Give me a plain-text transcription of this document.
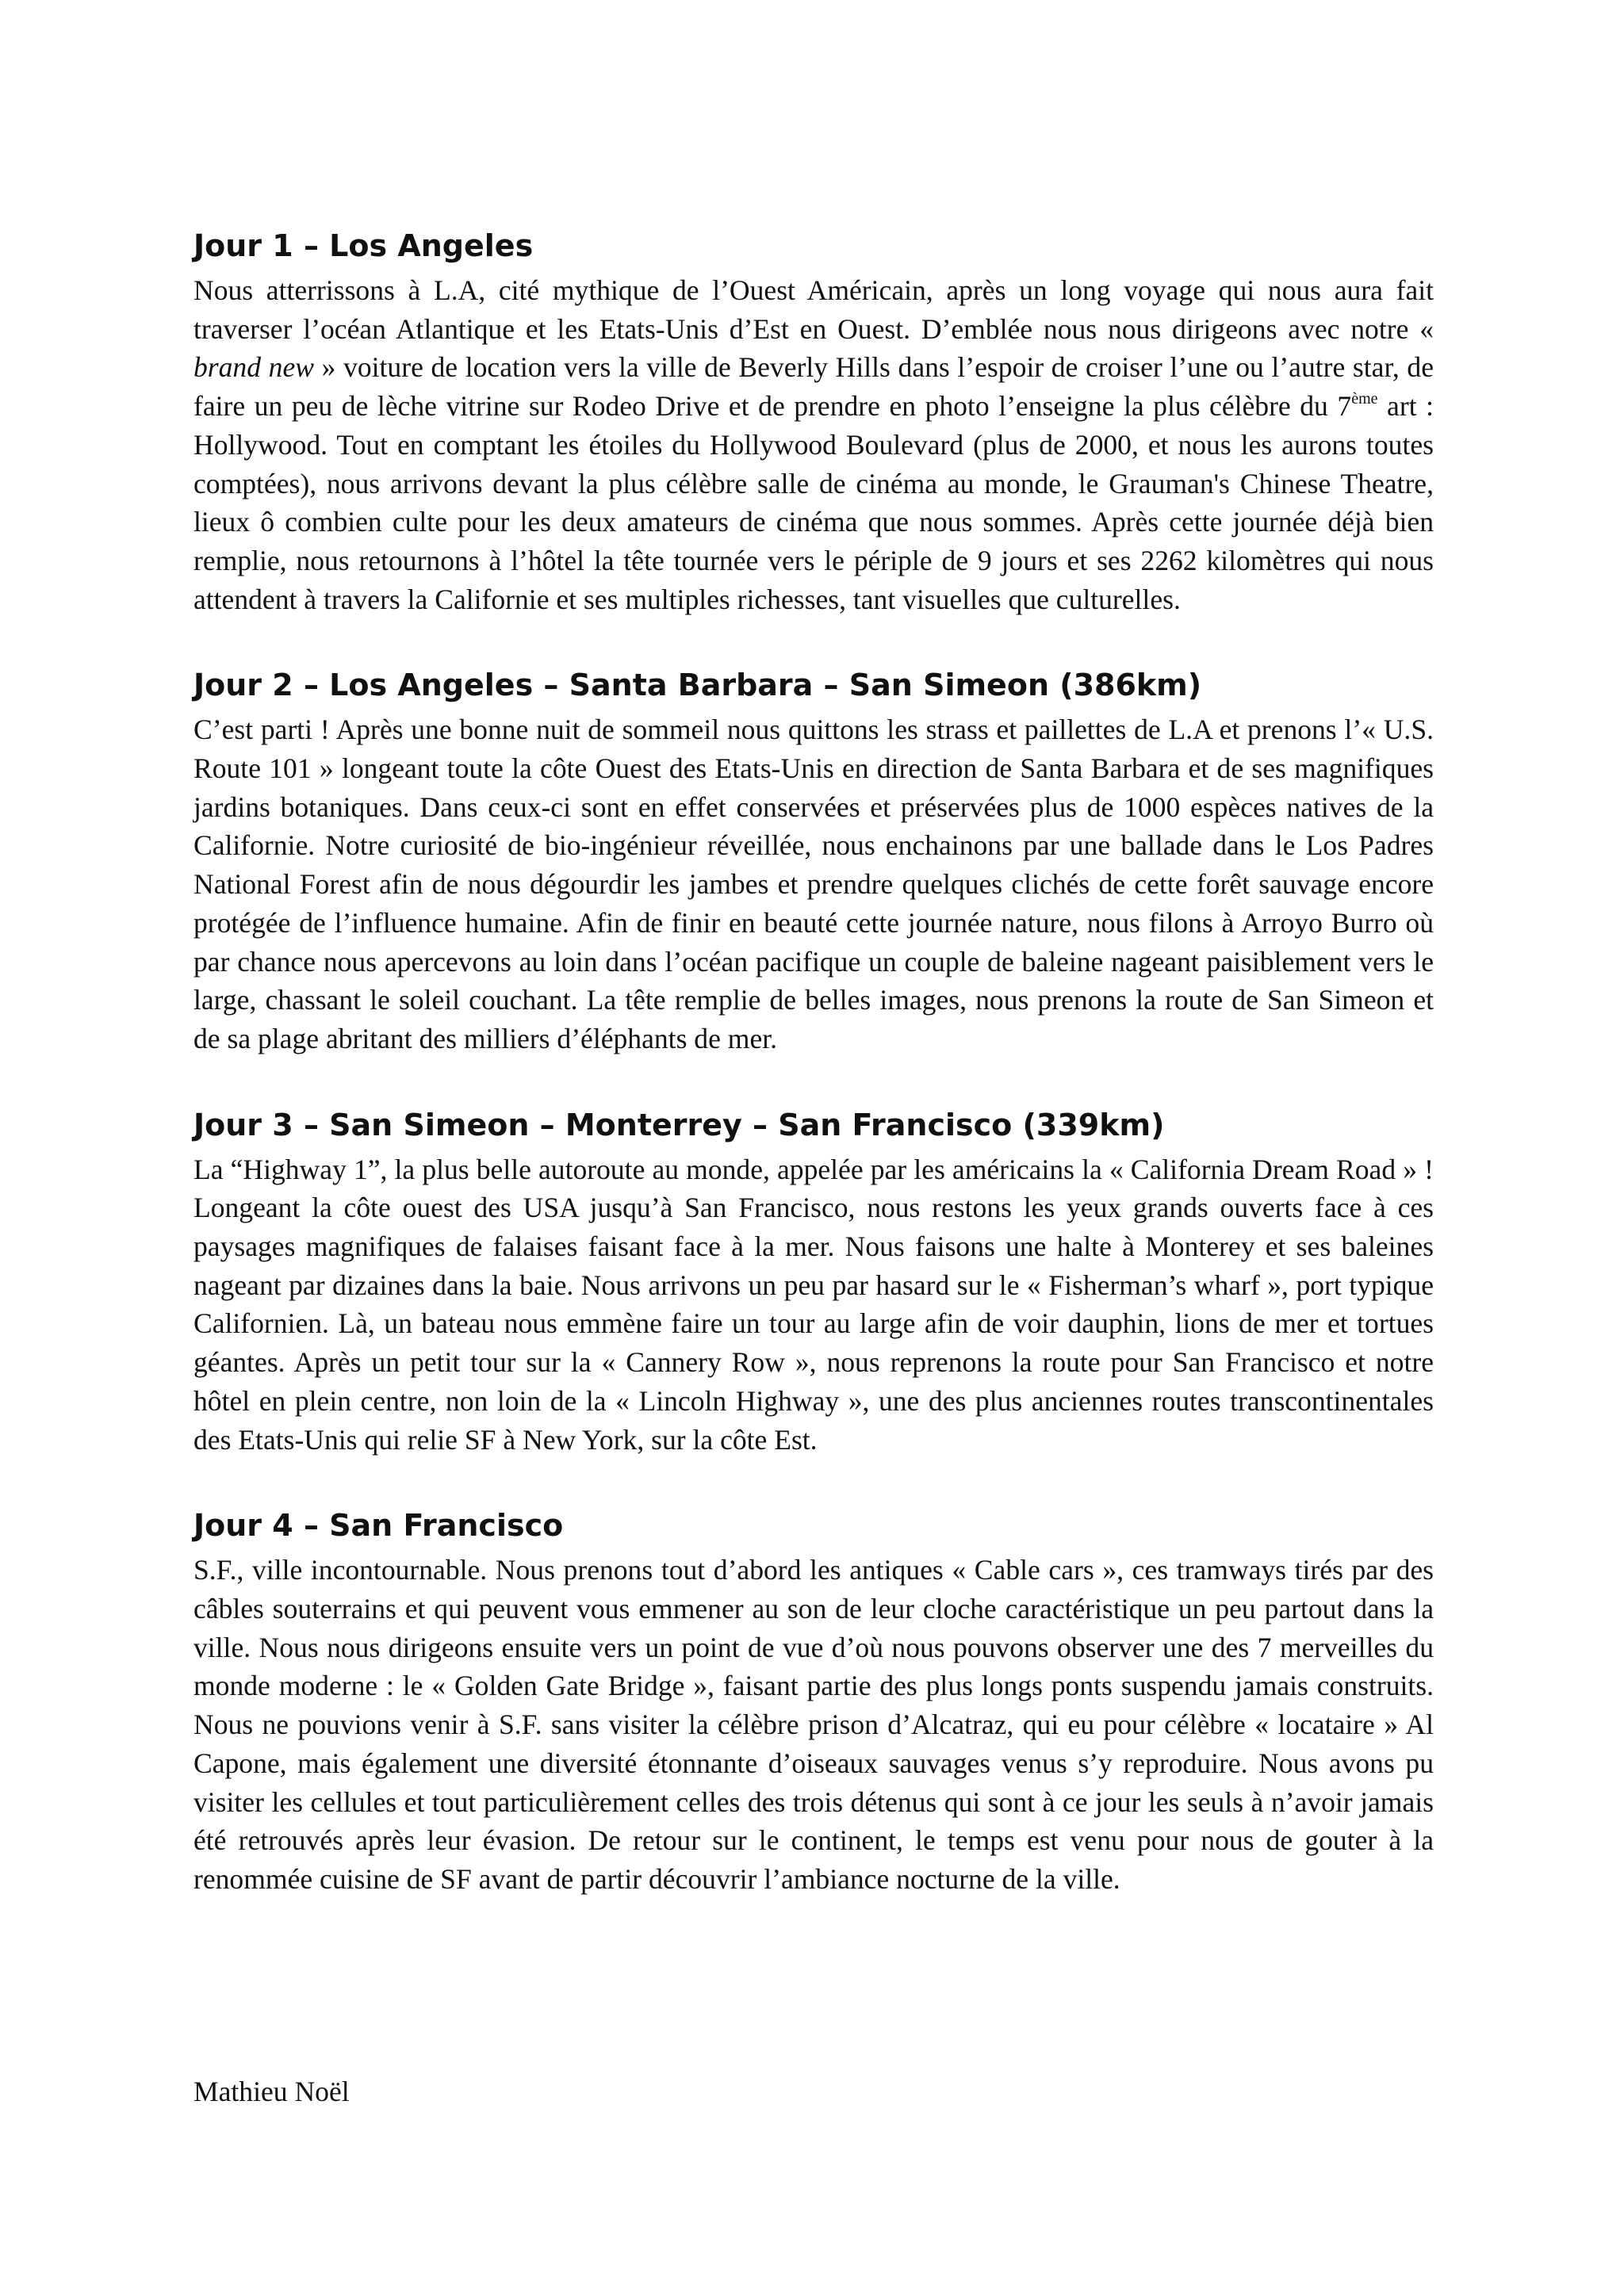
Jour 1 – Los Angeles

Nous atterrissons à L.A, cité mythique de l’Ouest Américain, après un long voyage qui nous aura fait traverser l’océan Atlantique et les Etats-Unis d’Est en Ouest. D’emblée nous nous dirigeons avec notre « brand new » voiture de location vers la ville de Beverly Hills dans l’espoir de croiser l’une ou l’autre star, de faire un peu de lèche vitrine sur Rodeo Drive et de prendre en photo l’enseigne la plus célèbre du 7ème art : Hollywood. Tout en comptant les étoiles du Hollywood Boulevard (plus de 2000, et nous les aurons toutes comptées), nous arrivons devant la plus célèbre salle de cinéma au monde, le Grauman's Chinese Theatre, lieux ô combien culte pour les deux amateurs de cinéma que nous sommes. Après cette journée déjà bien remplie, nous retournons à l’hôtel la tête tournée vers le périple de 9 jours et ses 2262 kilomètres qui nous attendent à travers la Californie et ses multiples richesses, tant visuelles que culturelles.

Jour 2 – Los Angeles – Santa Barbara – San Simeon (386km)

C’est parti ! Après une bonne nuit de sommeil nous quittons les strass et paillettes de L.A et prenons l’« U.S. Route 101 » longeant toute la côte Ouest des Etats-Unis en direction de Santa Barbara et de ses magnifiques jardins botaniques. Dans ceux-ci sont en effet conservées et préservées plus de 1000 espèces natives de la Californie. Notre curiosité de bio-ingénieur réveillée, nous enchainons par une ballade dans le Los Padres National Forest afin de nous dégourdir les jambes et prendre quelques clichés de cette forêt sauvage encore protégée de l’influence humaine. Afin de finir en beauté cette journée nature, nous filons à Arroyo Burro où par chance nous apercevons au loin dans l’océan pacifique un couple de baleine nageant paisiblement vers le large, chassant le soleil couchant. La tête remplie de belles images, nous prenons la route de San Simeon et de sa plage abritant des milliers d’éléphants de mer.

Jour 3 – San Simeon – Monterrey – San Francisco (339km)

La “Highway 1”, la plus belle autoroute au monde, appelée par les américains la « California Dream Road » ! Longeant la côte ouest des USA jusqu’à San Francisco, nous restons les yeux grands ouverts face à ces paysages magnifiques de falaises faisant face à la mer. Nous faisons une halte à Monterey et ses baleines nageant par dizaines dans la baie. Nous arrivons un peu par hasard sur le « Fisherman’s wharf », port typique Californien. Là, un bateau nous emmène faire un tour au large afin de voir dauphin, lions de mer et tortues géantes. Après un petit tour sur la « Cannery Row », nous reprenons la route pour San Francisco et notre hôtel en plein centre, non loin de la « Lincoln Highway », une des plus anciennes routes transcontinentales des Etats-Unis qui relie SF à New York, sur la côte Est.

Jour 4 – San Francisco

S.F., ville incontournable. Nous prenons tout d’abord les antiques « Cable cars », ces tramways tirés par des câbles souterrains et qui peuvent vous emmener au son de leur cloche caractéristique un peu partout dans la ville. Nous nous dirigeons ensuite vers un point de vue d’où nous pouvons observer une des 7 merveilles du monde moderne : le « Golden Gate Bridge », faisant partie des plus longs ponts suspendu jamais construits. Nous ne pouvions venir à S.F. sans visiter la célèbre prison d’Alcatraz, qui eu pour célèbre « locataire » Al Capone, mais également une diversité étonnante d’oiseaux sauvages venus s’y reproduire. Nous avons pu visiter les cellules et tout particulièrement celles des trois détenus qui sont à ce jour les seuls à n’avoir jamais été retrouvés après leur évasion. De retour sur le continent, le temps est venu pour nous de gouter à la renommée cuisine de SF avant de partir découvrir l’ambiance nocturne de la ville.

Mathieu Noël
